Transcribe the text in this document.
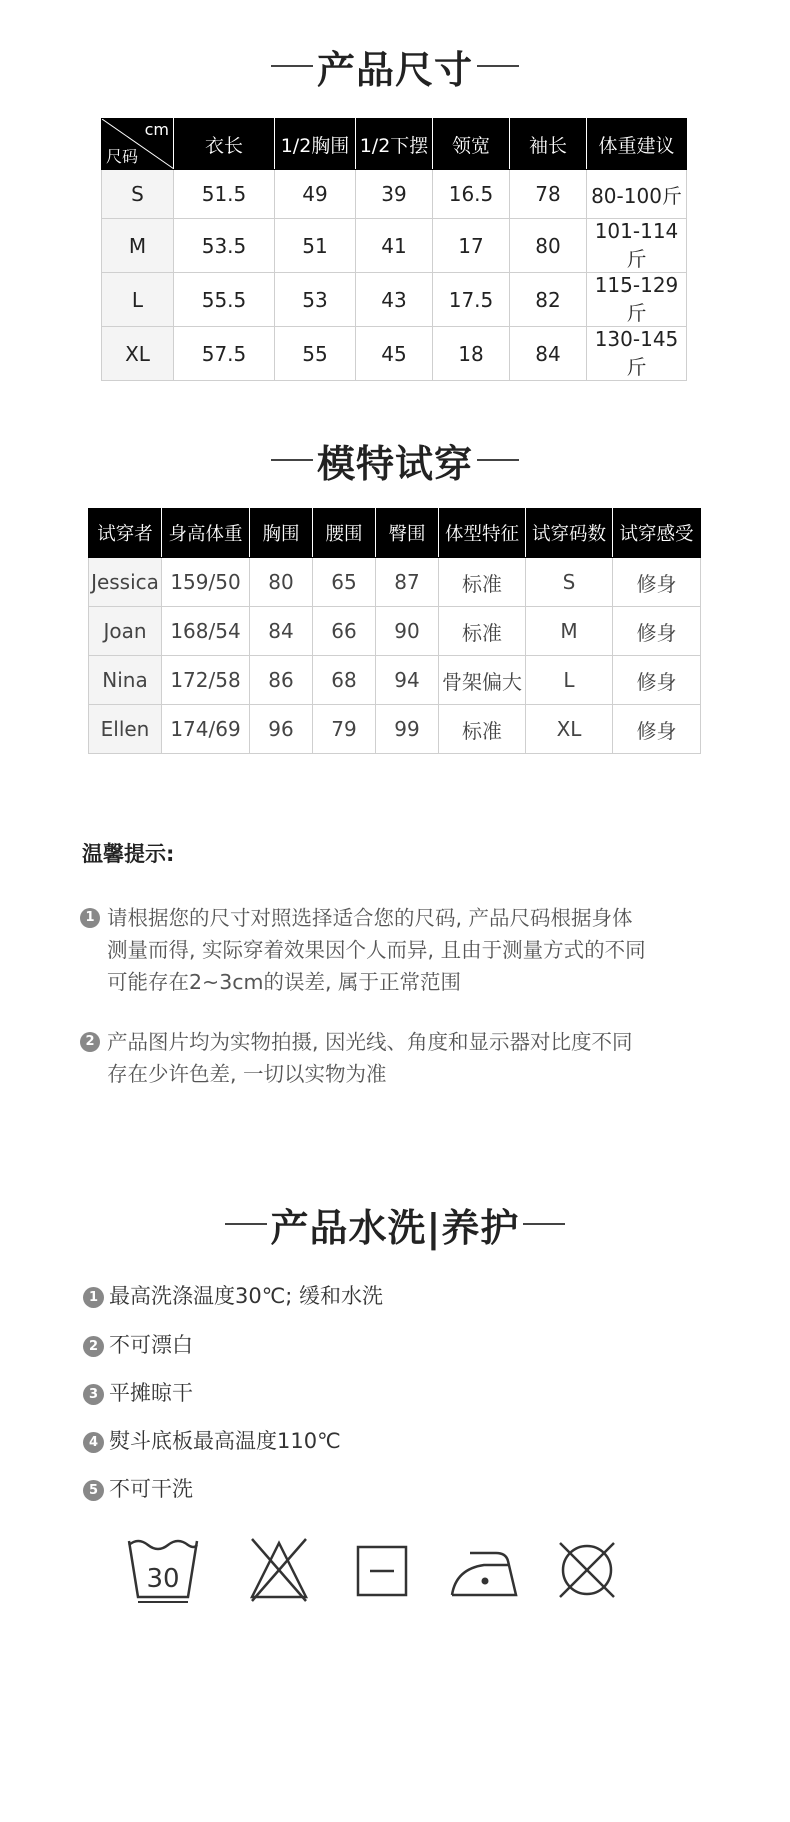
产品尺寸
cm
尺码	衣长	1/2胸围	1/2下摆	领宽	袖长	体重建议
S	51.5	49	39	16.5	78	80-100斤
M	53.5	51	41	17	80	101-114斤
L	55.5	53	43	17.5	82	115-129斤
XL	57.5	55	45	18	84	130-145斤
模特试穿
试穿者	身高体重	胸围	腰围	臀围	体型特征	试穿码数	试穿感受
Jessica	159/50	80	65	87	标准	S	修身
Joan	168/54	84	66	90	标准	M	修身
Nina	172/58	86	68	94	骨架偏大	L	修身
Ellen	174/69	96	79	99	标准	XL	修身
温馨提示:
1 请根据您的尺寸对照选择适合您的尺码, 产品尺码根据身体
测量而得, 实际穿着效果因个人而异, 且由于测量方式的不同
可能存在2~3cm的误差, 属于正常范围
2 产品图片均为实物拍摄, 因光线、角度和显示器对比度不同
存在少许色差, 一切以实物为准
产品水洗|养护
1 最高洗涤温度30℃; 缓和水洗
2 不可漂白
3 平摊晾干
4 熨斗底板最高温度110℃
5 不可干洗
30
